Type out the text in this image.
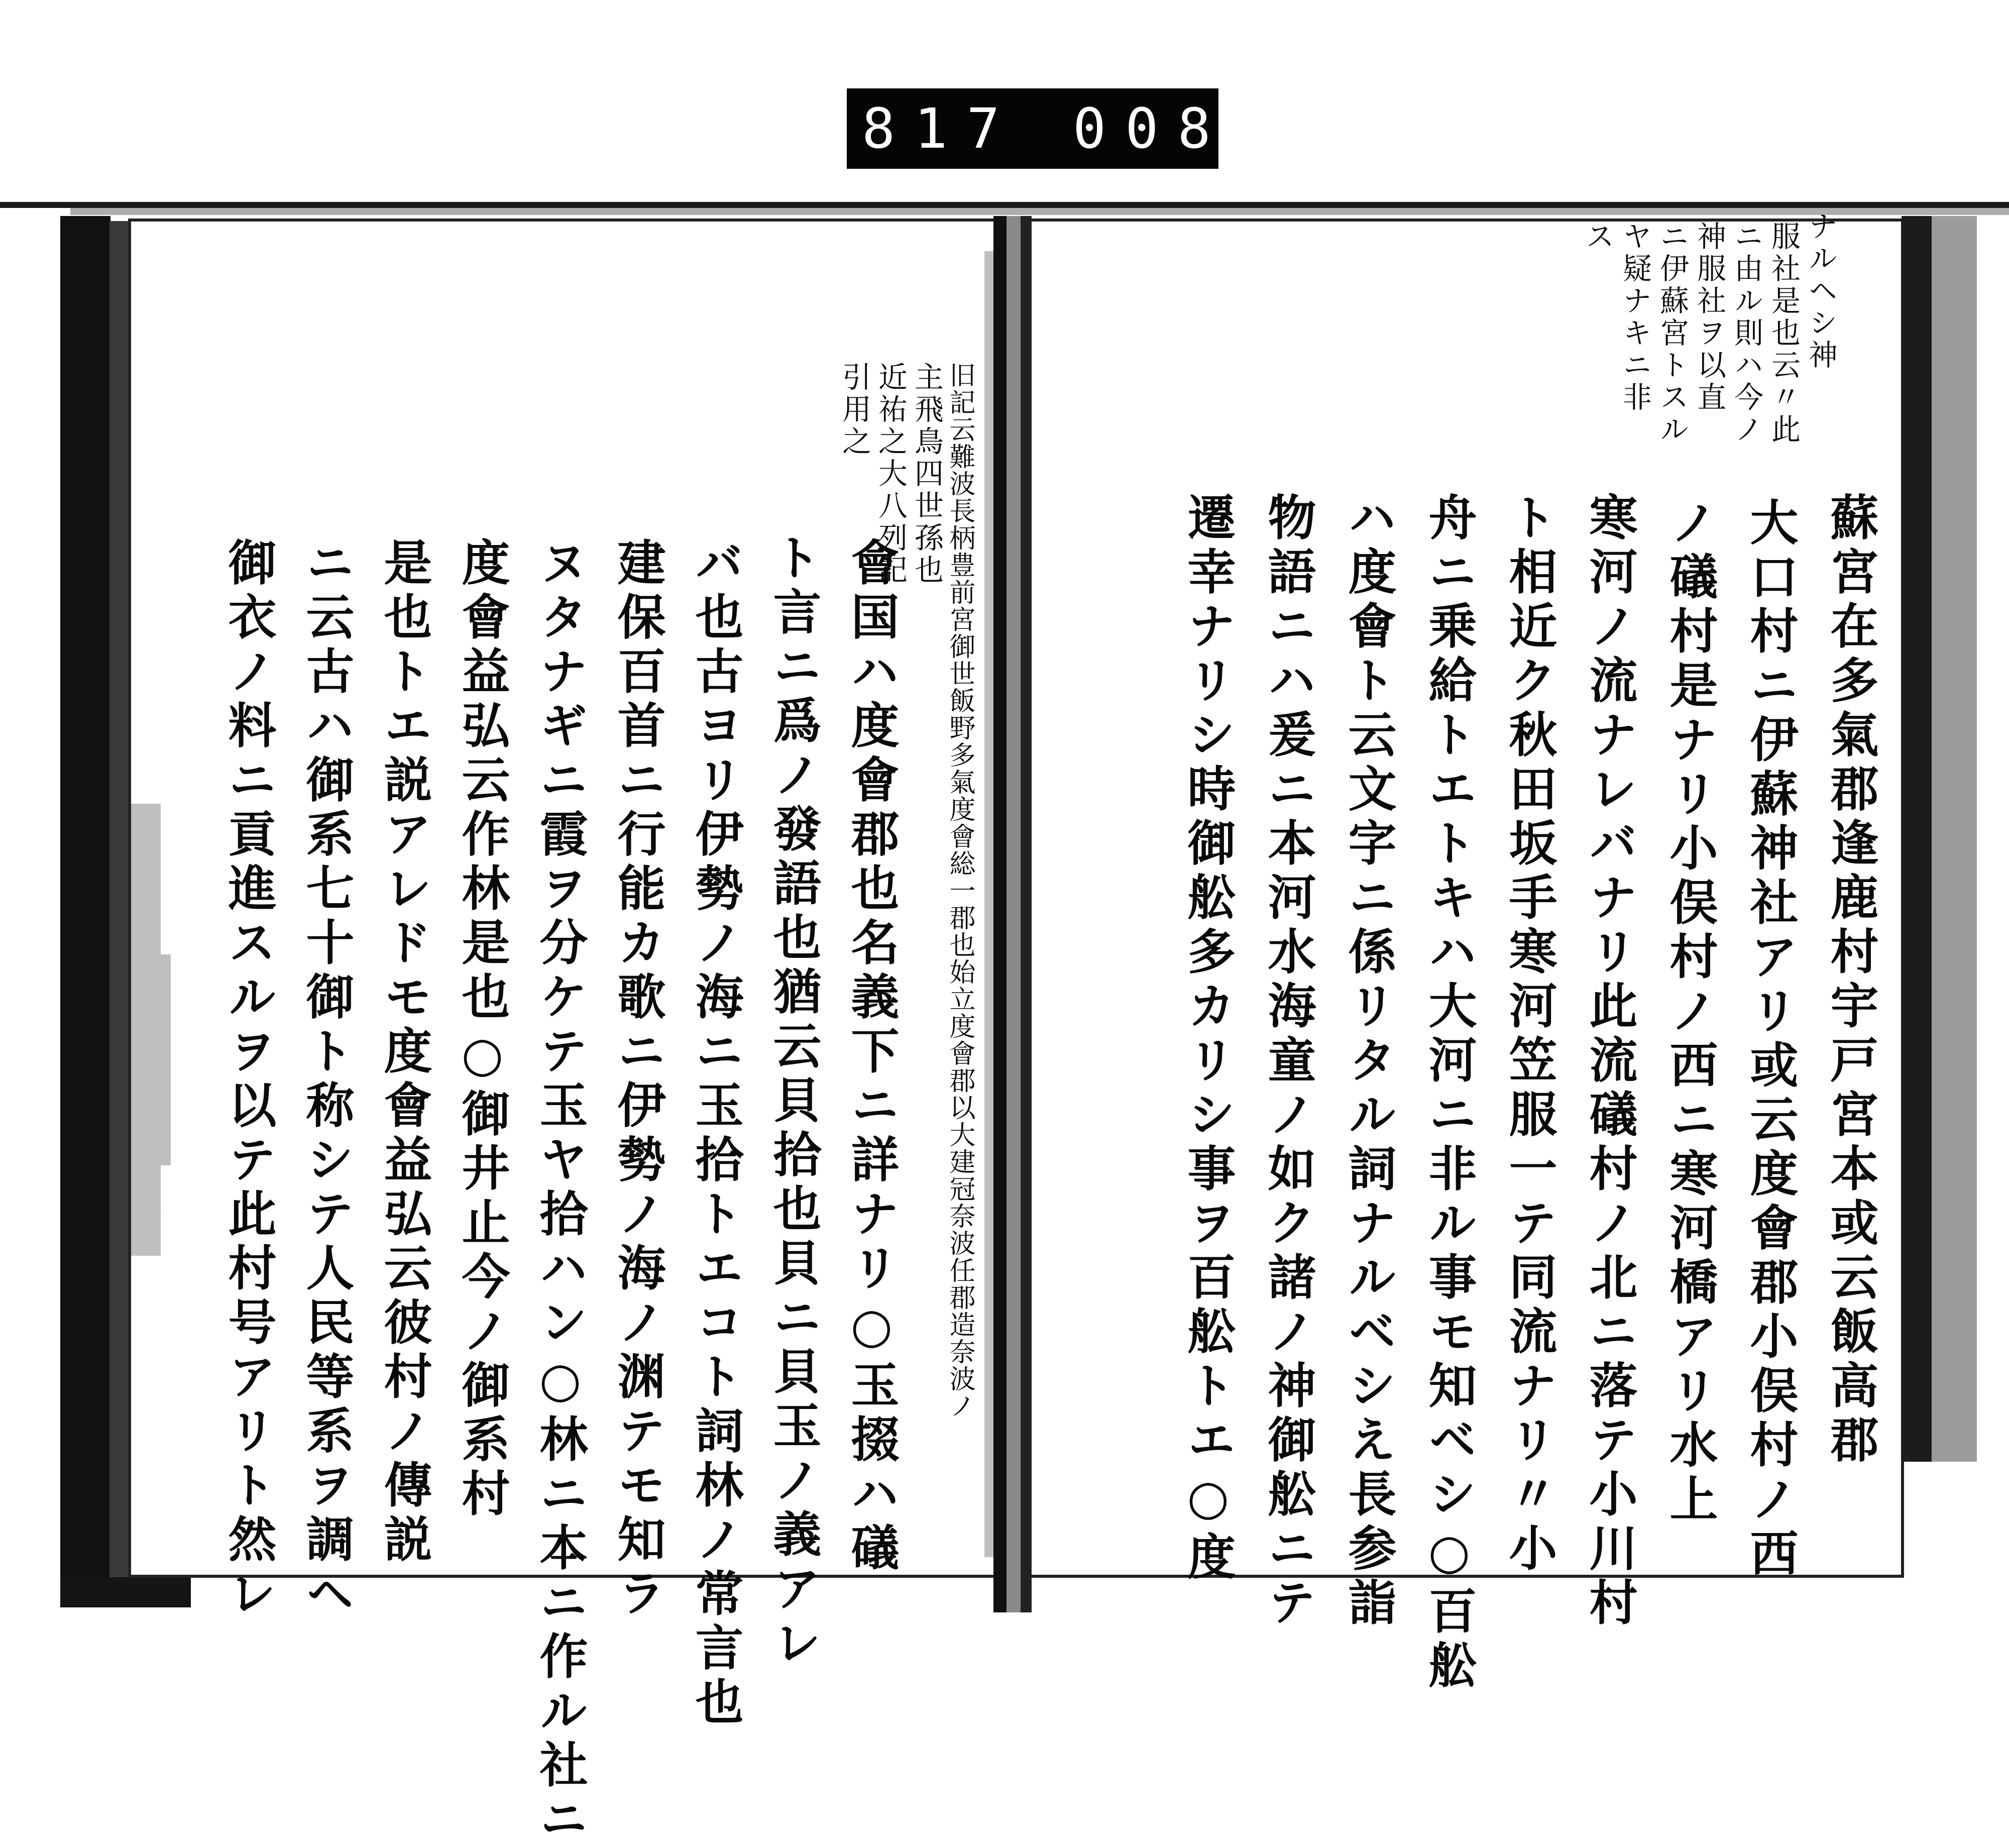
817 008

ナルヘシ神

服社是也云〃此

ニ由ル則ハ今ノ

神服社ヲ以直

ニ伊蘇宮トスル

ヤ疑ナキニ非

ス

蘇宮在多氣郡逢鹿村宇戸宮本或云飯高郡

大口村ニ伊蘇神社アリ或云度會郡小俣村ノ西

ノ礒村是ナリ小俣村ノ西ニ寒河橋アリ水上

寒河ノ流ナレバナリ此流礒村ノ北ニ落テ小川村

ト相近ク秋田坂手寒河笠服一テ同流ナリ〃小

舟ニ乗給トエトキハ大河ニ非ル事モ知ベシ○百舩

ハ度會ト云文字ニ係リタル詞ナルベシえ長参詣

物語ニハ爰ニ本河水海童ノ如ク諸ノ神御舩ニテ

遷幸ナリシ時御舩多カリシ事ヲ百舩トエ○度

旧記云難波長柄豊前宮御世飯野多氣度會総一郡也始立度會郡以大建冠奈波任郡造奈波ノ

主飛鳥四世孫也

近祐之大八列記

引用之

會国ハ度會郡也名義下ニ詳ナリ○玉掇ハ礒

ト言ニ爲ノ發語也猶云貝拾也貝ニ貝玉ノ義アレ

バ也古ヨリ伊勢ノ海ニ玉拾トエコト詞林ノ常言也

建保百首ニ行能カ歌ニ伊勢ノ海ノ渊テモ知ラ

ヌタナギニ霞ヲ分ケテ玉ヤ拾ハン○林ニ本ニ作ル社ニ

度會益弘云作林是也○御井止今ノ御系村

是也トエ説アレドモ度會益弘云彼村ノ傳説

ニ云古ハ御系七十御ト称シテ人民等系ヲ調ヘ

御衣ノ料ニ貢進スルヲ以テ此村号アリト然レ
